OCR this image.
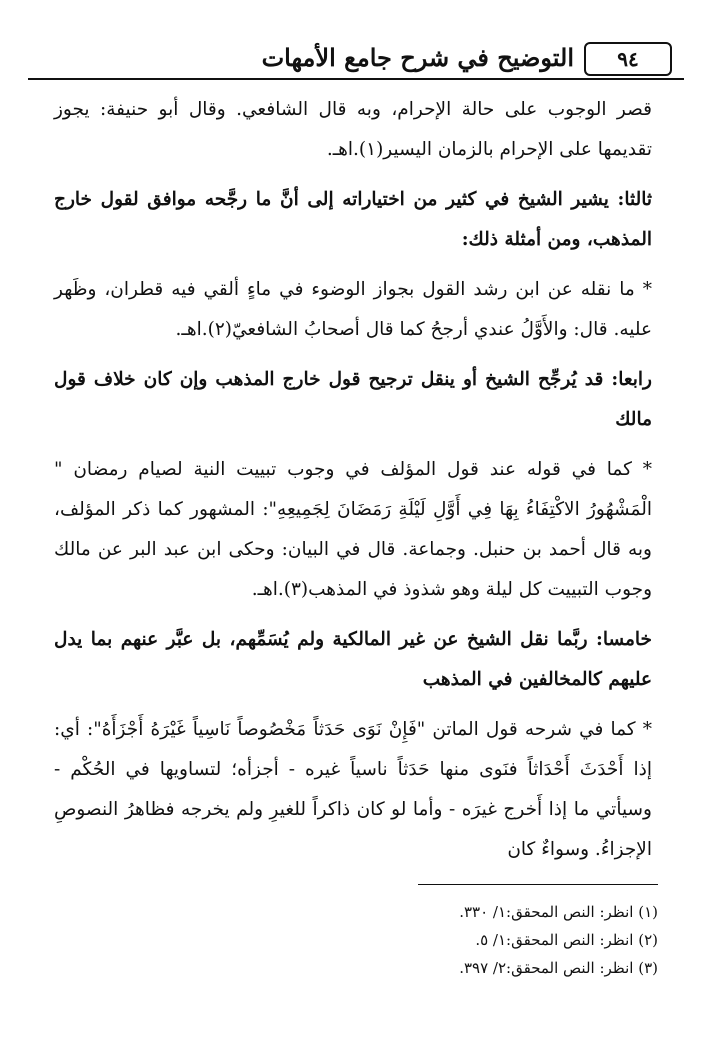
التوضيح في شرح جامع الأمهات	٩٤

قصر الوجوب على حالة الإحرام، وبه قال الشافعي. وقال أبو حنيفة: يجوز تقديمها على الإحرام بالزمان اليسير(١).اهـ.

ثالثا: يشير الشيخ في كثير من اختياراته إلى أنَّ ما رجَّحه موافق لقول خارج المذهب، ومن أمثلة ذلك:

* ما نقله عن ابن رشد القول بجواز الوضوء في ماءٍ ألقي فيه قطران، وظَهر عليه. قال: والأَوَّلُ عندي أرجحُ كما قال أصحابُ الشافعيّ(٢).اهـ.

رابعا: قد يُرجِّح الشيخ أو ينقل ترجيح قول خارج المذهب وإن كان خلاف قول مالك

* كما في قوله عند قول المؤلف في وجوب تبييت النية لصيام رمضان " الْمَشْهُورُ الاكْتِفَاءُ بِهَا فِي أَوَّلِ لَيْلَةِ رَمَضَانَ لِجَمِيعِهِ": المشهور كما ذكر المؤلف، وبه قال أحمد بن حنبل. وجماعة. قال في البيان: وحكى ابن عبد البر عن مالك وجوب التبييت كل ليلة وهو شذوذ في المذهب(٣).اهـ.

خامسا: ربَّما نقل الشيخ عن غير المالكية ولم يُسَمِّهم، بل عبَّر عنهم بما يدل عليهم كالمخالفين في المذهب

* كما في شرحه قول الماتن "فَإِنْ نَوَى حَدَثاً مَخْصُوصاً نَاسِياً غَيْرَهُ أَجْزَأَهُ": أي: إذا أَحْدَثَ أَحْدَاثاً فنَوى منها حَدَثاً ناسياً غيره - أجزأه؛ لتساويها في الحُكْم - وسيأتي ما إذا أَخرج غيرَه - وأما لو كان ذاكراً للغيرِ ولم يخرجه فظاهرُ النصوصِ الإجزاءُ. وسواءٌ كان

(١) انظر: النص المحقق:١/ ٣٣٠.

(٢) انظر: النص المحقق:١/ ٥.

(٣) انظر: النص المحقق:٢/ ٣٩٧.
